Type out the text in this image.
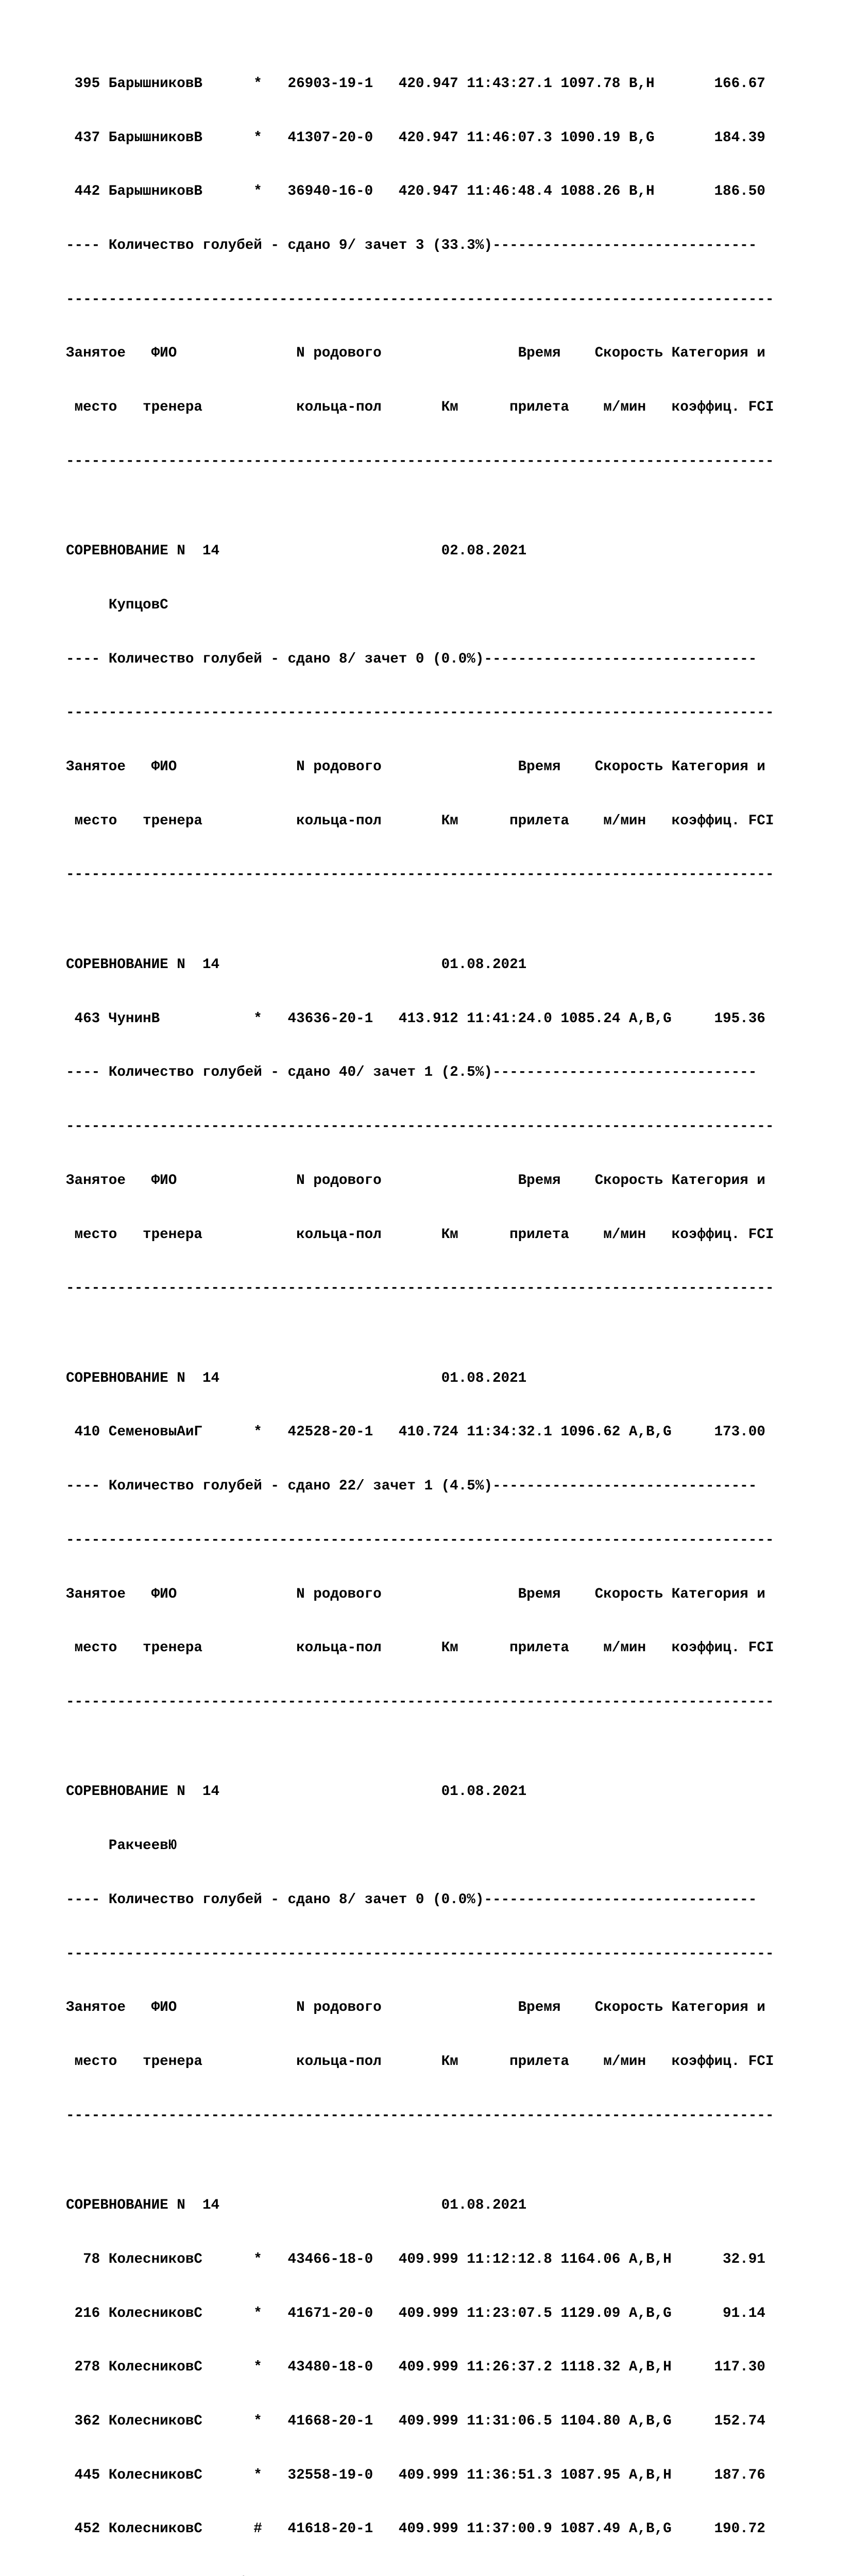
395 БарышниковВ      *   26903-19-1   420.947 11:43:27.1 1097.78 B,H       166.67

437 БарышниковВ      *   41307-20-0   420.947 11:46:07.3 1090.19 B,G       184.39

442 БарышниковВ      *   36940-16-0   420.947 11:46:48.4 1088.26 B,H       186.50

---- Количество голубей - сдано 9/ зачет 3 (33.3%)-------------------------------

-----------------------------------------------------------------------------------

Занятое   ФИО              N родового                Время    Скорость Категория и

место   тренера           кольца-пол       Км      прилета    м/мин   коэффиц. FCI

-----------------------------------------------------------------------------------

СОРЕВНОВАНИЕ N  14                          02.08.2021

КупцовС

---- Количество голубей - сдано 8/ зачет 0 (0.0%)--------------------------------

-----------------------------------------------------------------------------------

Занятое   ФИО              N родового                Время    Скорость Категория и

место   тренера           кольца-пол       Км      прилета    м/мин   коэффиц. FCI

-----------------------------------------------------------------------------------

СОРЕВНОВАНИЕ N  14                          01.08.2021

463 ЧунинВ           *   43636-20-1   413.912 11:41:24.0 1085.24 A,B,G     195.36

---- Количество голубей - сдано 40/ зачет 1 (2.5%)-------------------------------

-----------------------------------------------------------------------------------

Занятое   ФИО              N родового                Время    Скорость Категория и

место   тренера           кольца-пол       Км      прилета    м/мин   коэффиц. FCI

-----------------------------------------------------------------------------------

СОРЕВНОВАНИЕ N  14                          01.08.2021

410 СеменовыАиГ      *   42528-20-1   410.724 11:34:32.1 1096.62 A,B,G     173.00

---- Количество голубей - сдано 22/ зачет 1 (4.5%)-------------------------------

-----------------------------------------------------------------------------------

Занятое   ФИО              N родового                Время    Скорость Категория и

место   тренера           кольца-пол       Км      прилета    м/мин   коэффиц. FCI

-----------------------------------------------------------------------------------

СОРЕВНОВАНИЕ N  14                          01.08.2021

РакчеевЮ

---- Количество голубей - сдано 8/ зачет 0 (0.0%)--------------------------------

-----------------------------------------------------------------------------------

Занятое   ФИО              N родового                Время    Скорость Категория и

место   тренера           кольца-пол       Км      прилета    м/мин   коэффиц. FCI

-----------------------------------------------------------------------------------

СОРЕВНОВАНИЕ N  14                          01.08.2021

78 КолесниковС      *   43466-18-0   409.999 11:12:12.8 1164.06 A,B,H      32.91

216 КолесниковС      *   41671-20-0   409.999 11:23:07.5 1129.09 A,B,G      91.14

278 КолесниковС      *   43480-18-0   409.999 11:26:37.2 1118.32 A,B,H     117.30

362 КолесниковС      *   41668-20-1   409.999 11:31:06.5 1104.80 A,B,G     152.74

445 КолесниковС      *   32558-19-0   409.999 11:36:51.3 1087.95 A,B,H     187.76

452 КолесниковС      #   41618-20-1   409.999 11:37:00.9 1087.49 A,B,G     190.72
